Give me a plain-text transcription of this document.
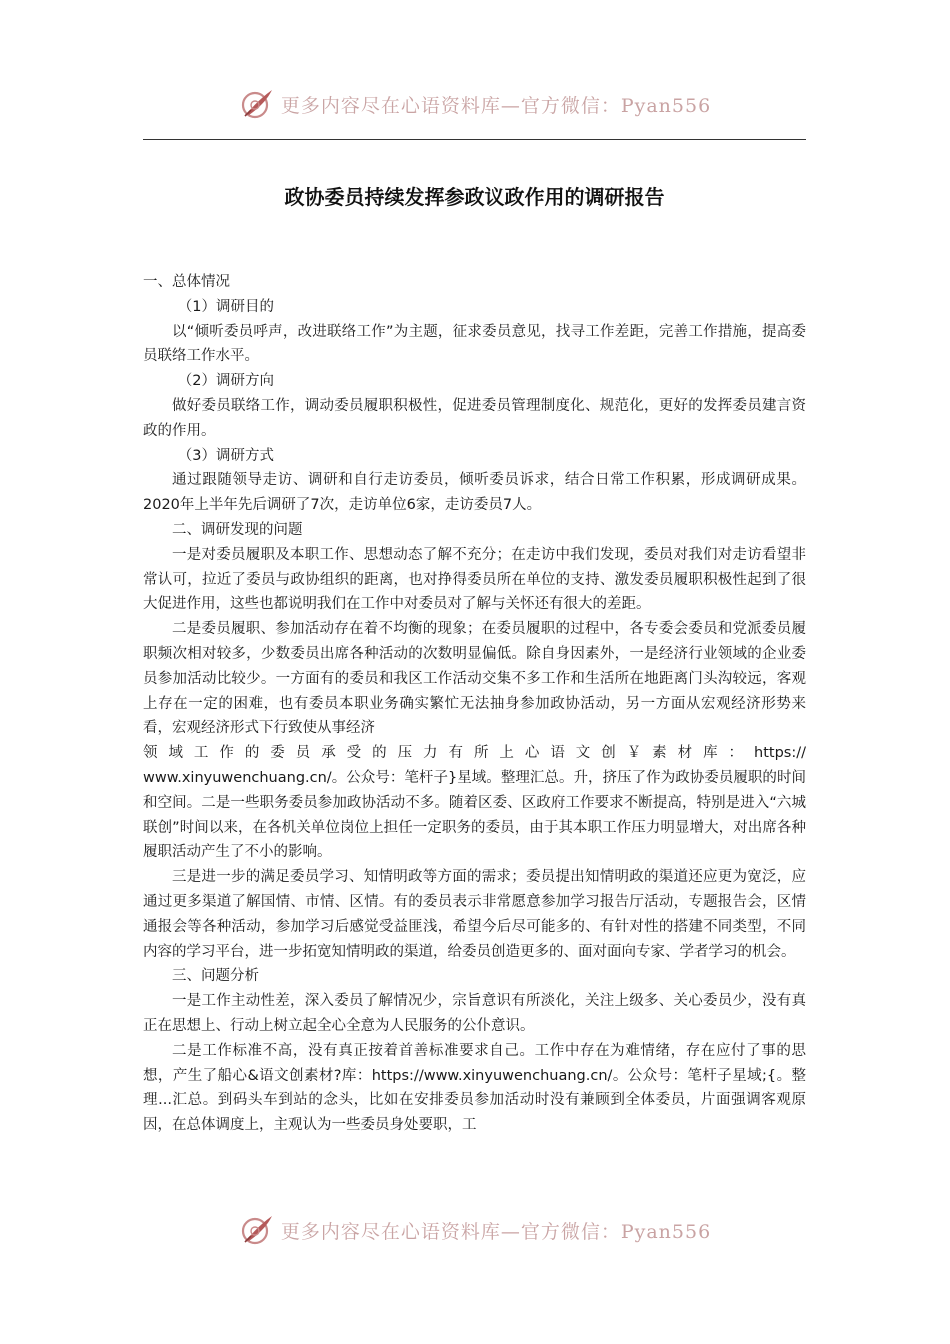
更多内容尽在心语资料库—官方微信：Pyan556
政协委员持续发挥参政议政作用的调研报告

一、总体情况

（1）调研目的

以“倾听委员呼声，改进联络工作”为主题，征求委员意见，找寻工作差距，完善工作措施，提高委员联络工作水平。

（2）调研方向

做好委员联络工作，调动委员履职积极性，促进委员管理制度化、规范化，更好的发挥委员建言资政的作用。

（3）调研方式

通过跟随领导走访、调研和自行走访委员，倾听委员诉求，结合日常工作积累，形成调研成果。2020年上半年先后调研了7次，走访单位6家，走访委员7人。

二、调研发现的问题

一是对委员履职及本职工作、思想动态了解不充分；在走访中我们发现，委员对我们对走访看望非常认可，拉近了委员与政协组织的距离，也对挣得委员所在单位的支持、激发委员履职积极性起到了很大促进作用，这些也都说明我们在工作中对委员对了解与关怀还有很大的差距。

二是委员履职、参加活动存在着不均衡的现象；在委员履职的过程中，各专委会委员和党派委员履职频次相对较多，少数委员出席各种活动的次数明显偏低。除自身因素外，一是经济行业领域的企业委员参加活动比较少。一方面有的委员和我区工作活动交集不多工作和生活所在地距离门头沟较远，客观上存在一定的困难，也有委员本职业务确实繁忙无法抽身参加政协活动，另一方面从宏观经济形势来看，宏观经济形式下行致使从事经济

领域工作的委员承受的压力有所上心语文创￥素材库：https://

www.xinyuwenchuang.cn/。公众号：笔杆子}星域。整理汇总。升，挤压了作为政协委员履职的时间和空间。二是一些职务委员参加政协活动不多。随着区委、区政府工作要求不断提高，特别是进入“六城联创”时间以来，在各机关单位岗位上担任一定职务的委员，由于其本职工作压力明显增大，对出席各种履职活动产生了不小的影响。

三是进一步的满足委员学习、知情明政等方面的需求；委员提出知情明政的渠道还应更为宽泛，应通过更多渠道了解国情、市情、区情。有的委员表示非常愿意参加学习报告厅活动，专题报告会，区情通报会等各种活动，参加学习后感觉受益匪浅，希望今后尽可能多的、有针对性的搭建不同类型，不同内容的学习平台，进一步拓宽知情明政的渠道，给委员创造更多的、面对面向专家、学者学习的机会。

三、问题分析

一是工作主动性差，深入委员了解情况少，宗旨意识有所淡化，关注上级多、关心委员少，没有真正在思想上、行动上树立起全心全意为人民服务的公仆意识。

二是工作标准不高，没有真正按着首善标准要求自己。工作中存在为难情绪，存在应付了事的思想，产生了船心&语文创素材?库：https://www.xinyuwenchuang.cn/。公众号：笔杆子星域;{。整理...汇总。到码头车到站的念头，比如在安排委员参加活动时没有兼顾到全体委员，片面强调客观原因，在总体调度上，主观认为一些委员身处要职，工

更多内容尽在心语资料库—官方微信：Pyan556
